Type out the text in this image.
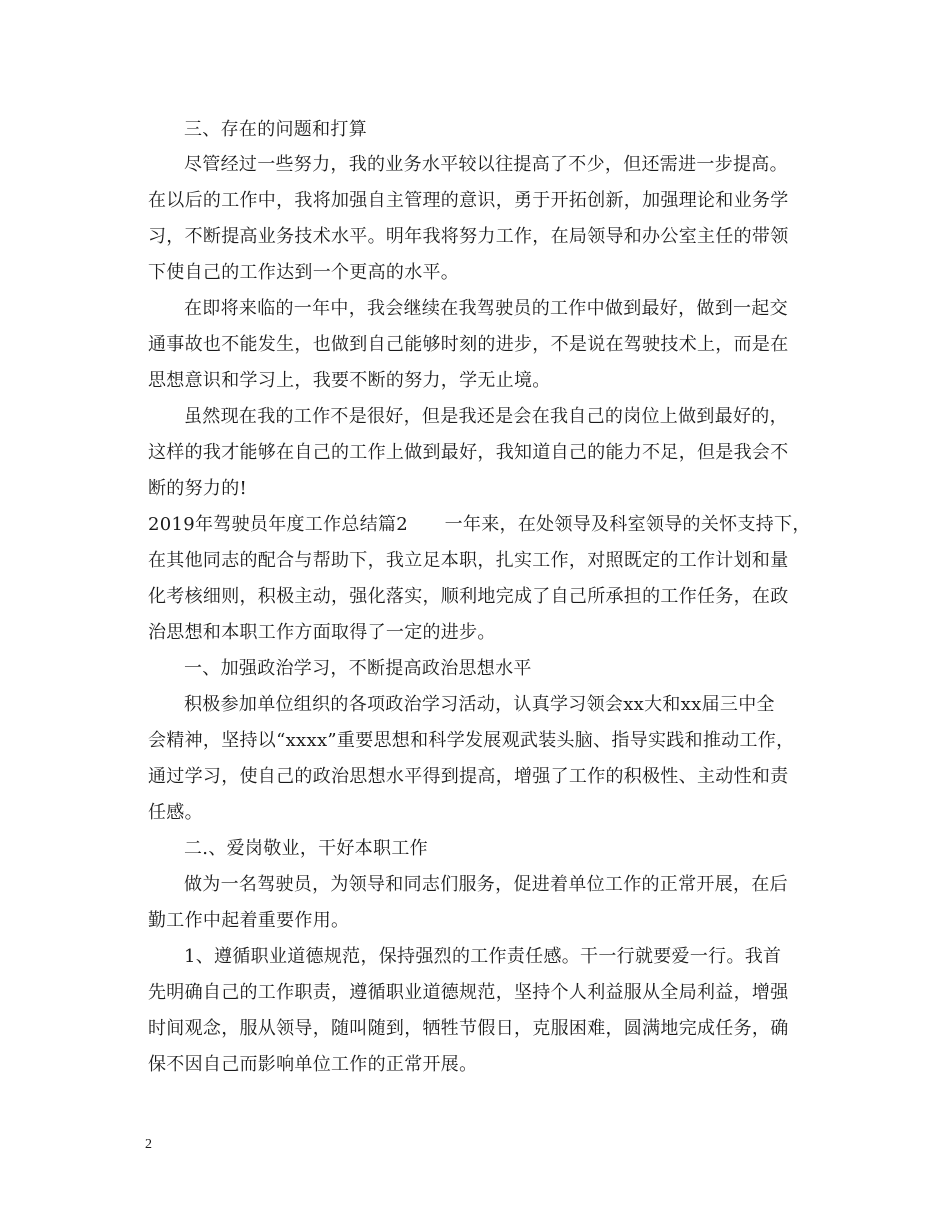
三、存在的问题和打算
尽管经过一些努力，我的业务水平较以往提高了不少，但还需进一步提高。
在以后的工作中，我将加强自主管理的意识，勇于开拓创新，加强理论和业务学
习，不断提高业务技术水平。明年我将努力工作，在局领导和办公室主任的带领
下使自己的工作达到一个更高的水平。
在即将来临的一年中，我会继续在我驾驶员的工作中做到最好，做到一起交
通事故也不能发生，也做到自己能够时刻的进步，不是说在驾驶技术上，而是在
思想意识和学习上，我要不断的努力，学无止境。
虽然现在我的工作不是很好，但是我还是会在我自己的岗位上做到最好的，
这样的我才能够在自己的工作上做到最好，我知道自己的能力不足，但是我会不
断的努力的!
2019年驾驶员年度工作总结篇2　　一年来，在处领导及科室领导的关怀支持下，
在其他同志的配合与帮助下，我立足本职，扎实工作，对照既定的工作计划和量
化考核细则，积极主动，强化落实，顺利地完成了自己所承担的工作任务，在政
治思想和本职工作方面取得了一定的进步。
一、加强政治学习，不断提高政治思想水平
积极参加单位组织的各项政治学习活动，认真学习领会xx大和xx届三中全
会精神，坚持以“xxxx”重要思想和科学发展观武装头脑、指导实践和推动工作，
通过学习，使自己的政治思想水平得到提高，增强了工作的积极性、主动性和责
任感。
二.、爱岗敬业，干好本职工作
做为一名驾驶员，为领导和同志们服务，促进着单位工作的正常开展，在后
勤工作中起着重要作用。
1、遵循职业道德规范，保持强烈的工作责任感。干一行就要爱一行。我首
先明确自己的工作职责，遵循职业道德规范，坚持个人利益服从全局利益，增强
时间观念，服从领导，随叫随到，牺牲节假日，克服困难，圆满地完成任务，确
保不因自己而影响单位工作的正常开展。
2
